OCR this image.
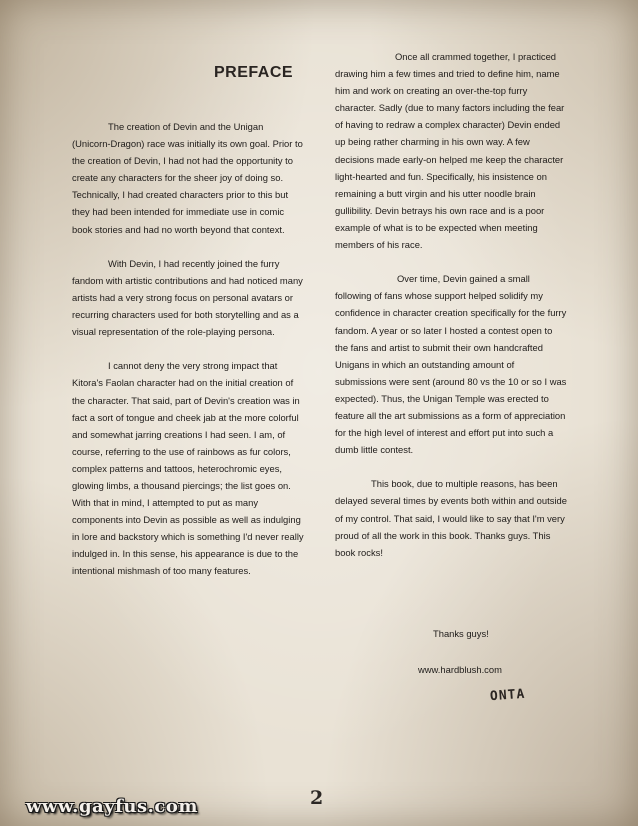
PREFACE

The creation of Devin and the Unigan (Unicorn-Dragon) race was initially its own goal. Prior to the creation of Devin, I had not had the opportunity to create any characters for the sheer joy of doing so. Technically, I had created characters prior to this but they had been intended for immediate use in comic book stories and had no worth beyond that context.

With Devin, I had recently joined the furry fandom with artistic contributions and had noticed many artists had a very strong focus on personal avatars or recurring characters used for both storytelling and as a visual representation of the role-playing persona.

I cannot deny the very strong impact that Kitora's Faolan character had on the initial creation of the character. That said, part of Devin's creation was in fact a sort of tongue and cheek jab at the more colorful and somewhat jarring creations I had seen. I am, of course, referring to the use of rainbows as fur colors, complex patterns and tattoos, heterochromic eyes, glowing limbs, a thousand piercings; the list goes on. With that in mind, I attempted to put as many components into Devin as possible as well as indulging in lore and backstory which is something I'd never really indulged in. In this sense, his appearance is due to the intentional mishmash of too many features.

Once all crammed together, I practiced drawing him a few times and tried to define him, name him and work on creating an over-the-top furry character. Sadly (due to many factors including the fear of having to redraw a complex character) Devin ended up being rather charming in his own way. A few decisions made early-on helped me keep the character light-hearted and fun. Specifically, his insistence on remaining a butt virgin and his utter noodle brain gullibility. Devin betrays his own race and is a poor example of what is to be expected when meeting members of his race.

Over time, Devin gained a small following of fans whose support helped solidify my confidence in character creation specifically for the furry fandom. A year or so later I hosted a contest open to the fans and artist to submit their own handcrafted Unigans in which an outstanding amount of submissions were sent (around 80 vs the 10 or so I was expected). Thus, the Unigan Temple was erected to feature all the art submissions as a form of appreciation for the high level of interest and effort put into such a dumb little contest.

This book, due to multiple reasons, has been delayed several times by events both within and outside of my control. That said, I would like to say that I'm very proud of all the work in this book. Thanks guys. This book rocks!

Thanks guys!
www.hardblush.com
ONTA
2
www.gayfus.com
